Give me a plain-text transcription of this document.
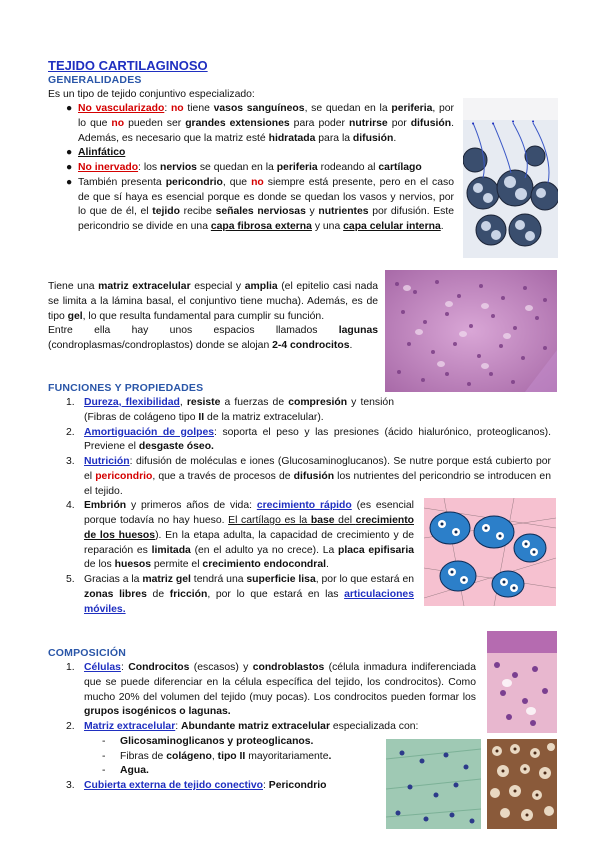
TEJIDO CARTILAGINOSO
GENERALIDADES
Es un tipo de tejido conjuntivo especializado:
● No vascularizado: no tiene vasos sanguíneos, se quedan en la periferia, por lo que no pueden ser grandes extensiones para poder nutrirse por difusión. Además, es necesario que la matriz esté hidratada para la difusión.
● Alinfático
● No inervado: los nervios se quedan en la periferia rodeando al cartílago
● También presenta pericondrio, que no siempre está presente, pero en el caso de que sí haya es esencial porque es donde se quedan los vasos y nervios, por lo que de él, el tejido recibe señales nerviosas y nutrientes por difusión. Este pericondrio se divide en una capa fibrosa externa y una capa celular interna.
• • • •
Tiene una matriz extracelular especial y amplia (el epitelio casi nada se limita a la lámina basal, el conjuntivo tiene mucha). Además, es de tipo gel, lo que resulta fundamental para cumplir su función.
Entre ella hay unos espacios llamados lagunas (condroplasmas/condroplastos) donde se alojan 2-4 condrocitos.
FUNCIONES Y PROPIEDADES
1. Dureza, flexibilidad, resiste a fuerzas de compresión y tensión (Fibras de colágeno tipo II de la matriz extracelular).
2. Amortiguación de golpes: soporta el peso y las presiones (ácido hialurónico, proteoglicanos). Previene el desgaste óseo.
3. Nutrición: difusión de moléculas e iones (Glucosaminoglucanos). Se nutre porque está cubierto por el pericondrio, que a través de procesos de difusión los nutrientes del pericondrio se introducen en el tejido.
4. Embrión y primeros años de vida: crecimiento rápido (es esencial porque todavía no hay hueso. El cartílago es la base del crecimiento de los huesos). En la etapa adulta, la capacidad de crecimiento y de reparación es limitada (en el adulto ya no crece). La placa epifisaria de los huesos permite el crecimiento endocondral.
5. Gracias a la matriz gel tendrá una superficie lisa, por lo que estará en zonas libres de fricción, por lo que estará en las articulaciones móviles.
COMPOSICIÓN
1. Células: Condrocitos (escasos) y condroblastos (célula inmadura indiferenciada que se puede diferenciar en la célula específica del tejido, los condrocitos). Como mucho 20% del volumen del tejido (muy pocas). Los condrocitos pueden formar los grupos isogénicos o lagunas.
2. Matriz extracelular: Abundante matriz extracelular especializada con:
- Glicosaminoglicanos y proteoglicanos.
- Fibras de colágeno, tipo II mayoritariamente.
- Agua.
3. Cubierta externa de tejido conectivo: Pericondrio
